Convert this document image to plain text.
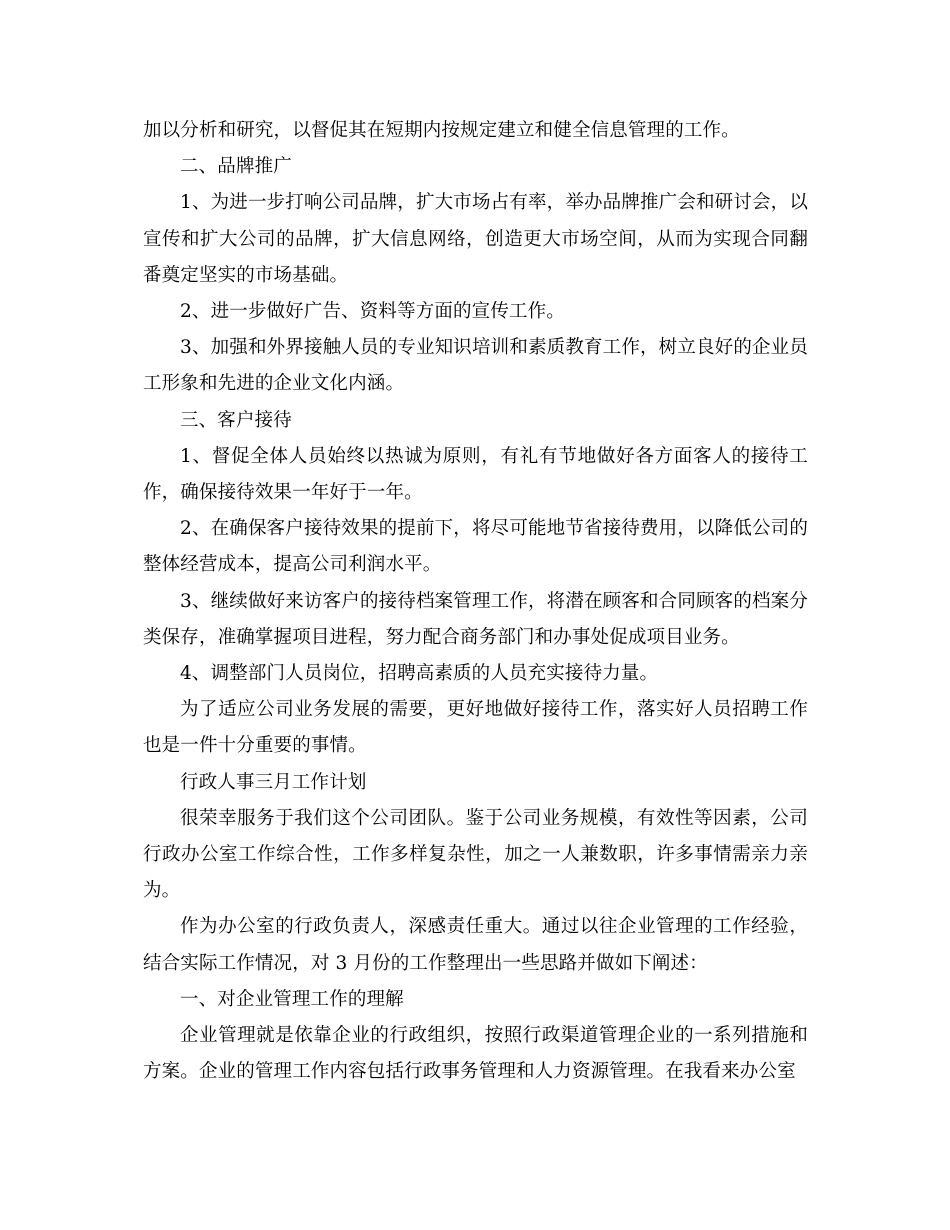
加以分析和研究，以督促其在短期内按规定建立和健全信息管理的工作。

二、品牌推广

1、为进一步打响公司品牌，扩大市场占有率，举办品牌推广会和研讨会，以宣传和扩大公司的品牌，扩大信息网络，创造更大市场空间，从而为实现合同翻番奠定坚实的市场基础。

2、进一步做好广告、资料等方面的宣传工作。

3、加强和外界接触人员的专业知识培训和素质教育工作，树立良好的企业员工形象和先进的企业文化内涵。

三、客户接待

1、督促全体人员始终以热诚为原则，有礼有节地做好各方面客人的接待工作，确保接待效果一年好于一年。

2、在确保客户接待效果的提前下，将尽可能地节省接待费用，以降低公司的整体经营成本，提高公司利润水平。

3、继续做好来访客户的接待档案管理工作，将潜在顾客和合同顾客的档案分类保存，准确掌握项目进程，努力配合商务部门和办事处促成项目业务。

4、调整部门人员岗位，招聘高素质的人员充实接待力量。

为了适应公司业务发展的需要，更好地做好接待工作，落实好人员招聘工作也是一件十分重要的事情。

行政人事三月工作计划

很荣幸服务于我们这个公司团队。鉴于公司业务规模，有效性等因素，公司行政办公室工作综合性，工作多样复杂性，加之一人兼数职，许多事情需亲力亲为。

作为办公室的行政负责人，深感责任重大。通过以往企业管理的工作经验，结合实际工作情况，对 3 月份的工作整理出一些思路并做如下阐述：

一、对企业管理工作的理解

企业管理就是依靠企业的行政组织，按照行政渠道管理企业的一系列措施和方案。企业的管理工作内容包括行政事务管理和人力资源管理。在我看来办公室
